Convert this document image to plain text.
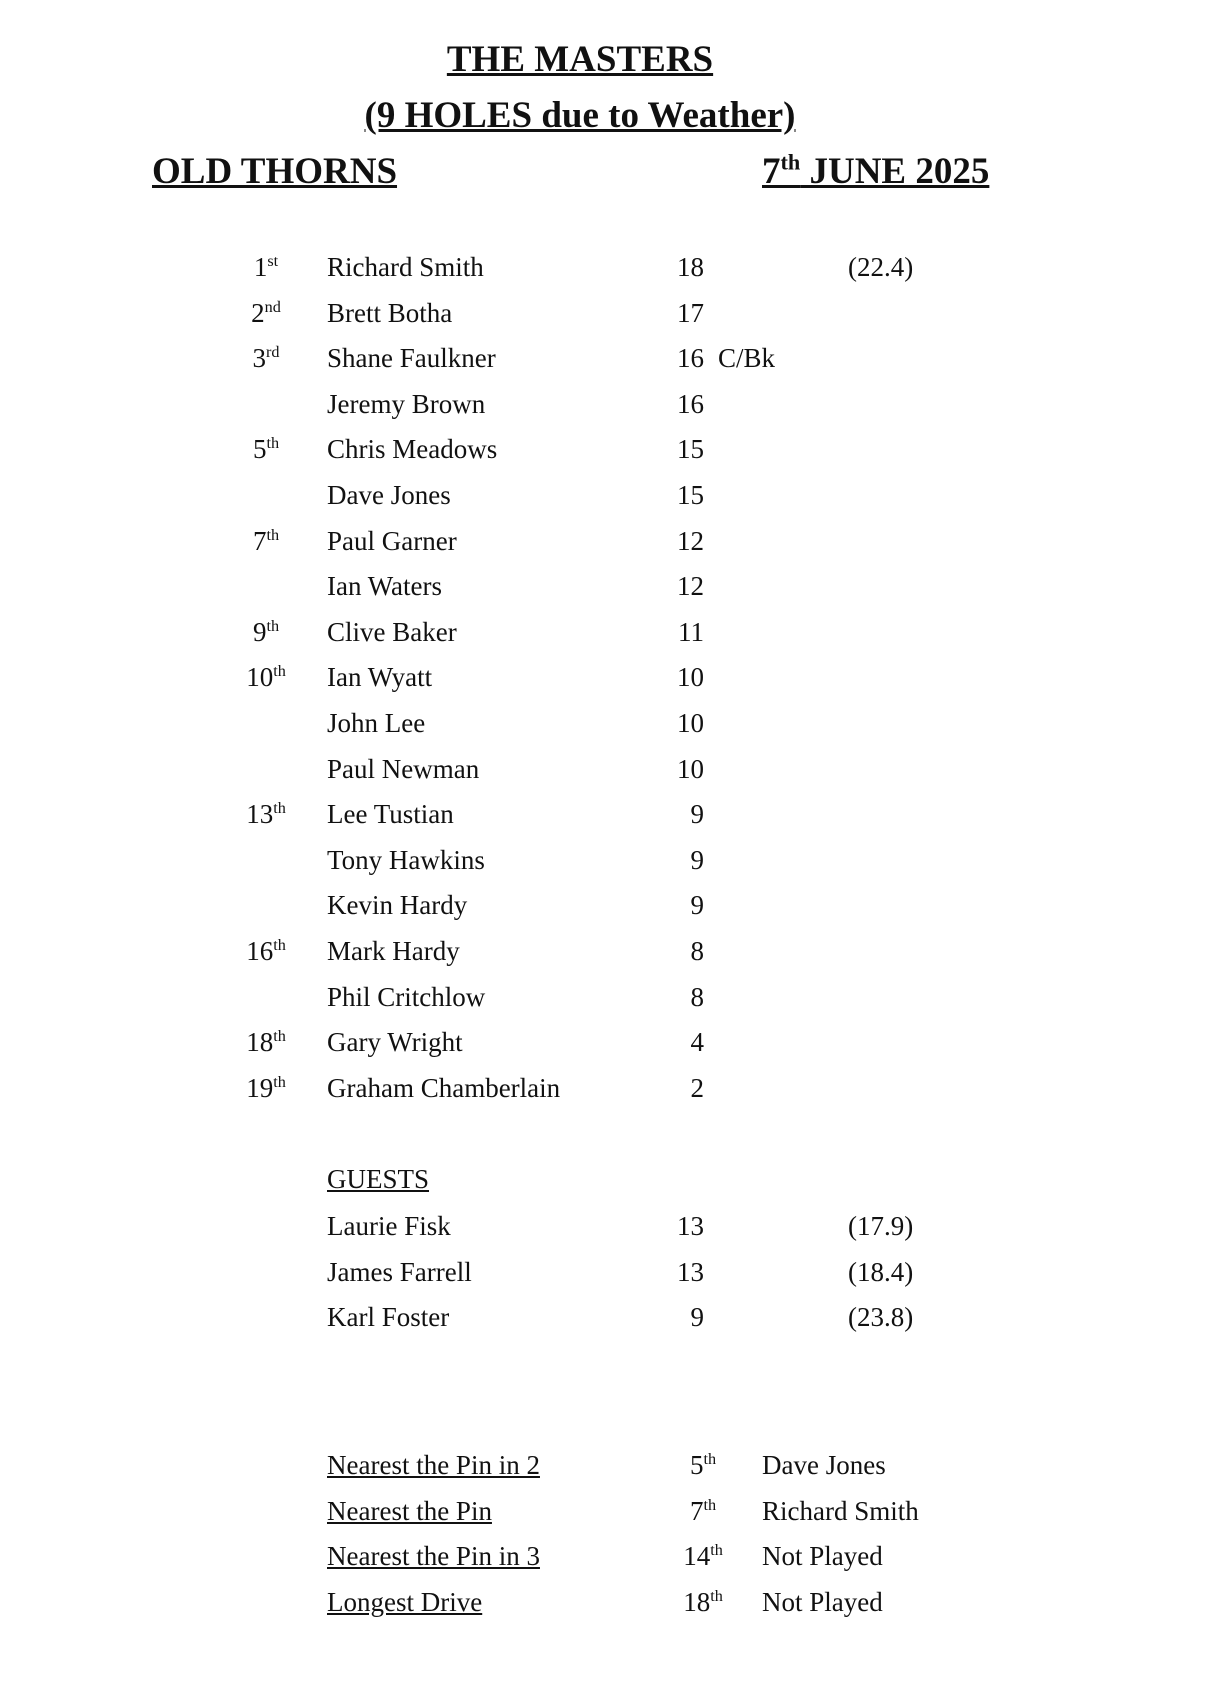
THE MASTERS
(9 HOLES due to Weather)
OLD THORNS	7th JUNE 2025
1st	Richard Smith	18	(22.4)
2nd	Brett Botha	17
3rd	Shane Faulkner	16 C/Bk
Jeremy Brown	16
5th	Chris Meadows	15
Dave Jones	15
7th	Paul Garner	12
Ian Waters	12
9th	Clive Baker	11
10th	Ian Wyatt	10
John Lee	10
Paul Newman	10
13th	Lee Tustian	9
Tony Hawkins	9
Kevin Hardy	9
16th	Mark Hardy	8
Phil Critchlow	8
18th	Gary Wright	4
19th	Graham Chamberlain	2
GUESTS
Laurie Fisk	13	(17.9)
James Farrell	13	(18.4)
Karl Foster	9	(23.8)
Nearest the Pin in 2	5th	Dave Jones
Nearest the Pin	7th	Richard Smith
Nearest the Pin in 3	14th	Not Played
Longest Drive	18th	Not Played
